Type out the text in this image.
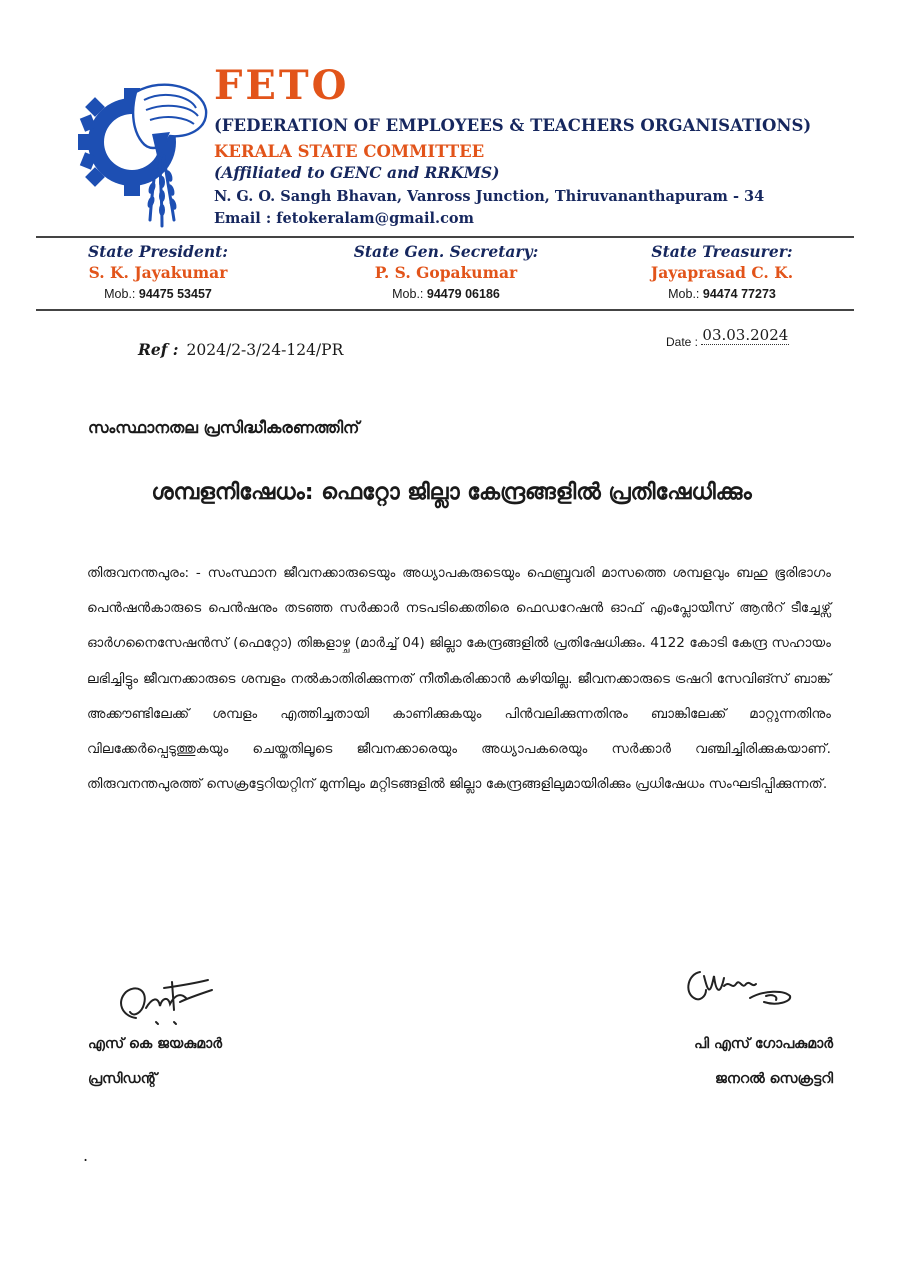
FETO
(FEDERATION OF EMPLOYEES & TEACHERS ORGANISATIONS)
KERALA STATE COMMITTEE
(Affiliated to GENC and RRKMS)
N. G. O. Sangh Bhavan, Vanross Junction, Thiruvananthapuram - 34
Email : fetokeralam@gmail.com
State President:
S. K. Jayakumar
Mob.: 94475 53457
State Gen. Secretary:
P. S. Gopakumar
Mob.: 94479 06186
State Treasurer:
Jayaprasad C. K.
Mob.: 94474 77273
Ref : 2024/2-3/24-124/PR	Date : 03.03.2024
സംസ്ഥാനതല പ്രസിദ്ധീകരണത്തിന്
ശമ്പളനിഷേധം: ഫെറ്റോ ജില്ലാ കേന്ദ്രങ്ങളിൽ പ്രതിഷേധിക്കും
തിരുവനന്തപുരം: - സംസ്ഥാന ജീവനക്കാരുടെയും അധ്യാപകരുടെയും ഫെബ്രുവരി മാസത്തെ ശമ്പളവും ബഹു ഭൂരിഭാഗം പെൻഷൻകാരുടെ പെൻഷനും തടഞ്ഞ സർക്കാർ നടപടിക്കെതിരെ ഫെഡറേഷൻ ഓഫ് എംപ്ലോയീസ് ആൻറ് ടീച്ചേഴ്സ് ഓർഗനൈസേഷൻസ് (ഫെറ്റോ) തിങ്കളാഴ്ച (മാർച്ച് 04) ജില്ലാ കേന്ദ്രങ്ങളിൽ പ്രതിഷേധിക്കും. 4122 കോടി കേന്ദ്ര സഹായം ലഭിച്ചിട്ടും ജീവനക്കാരുടെ ശമ്പളം നൽകാതിരിക്കുന്നത് നീതീകരിക്കാൻ കഴിയില്ല. ജീവനക്കാരുടെ ട്രഷറി സേവിങ്സ് ബാങ്ക് അക്കൗണ്ടിലേക്ക് ശമ്പളം എത്തിച്ചതായി കാണിക്കുകയും പിൻവലിക്കുന്നതിനും ബാങ്കിലേക്ക് മാറ്റുന്നതിനും വിലക്കേർപ്പെടുത്തുകയും ചെയ്തതിലൂടെ ജീവനക്കാരെയും അധ്യാപകരെയും സർക്കാർ വഞ്ചിച്ചിരിക്കുകയാണ്. തിരുവനന്തപുരത്ത് സെക്രട്ടേറിയറ്റിന് മുന്നിലും മറ്റിടങ്ങളിൽ ജില്ലാ കേന്ദ്രങ്ങളിലുമായിരിക്കും പ്രധിഷേധം സംഘടിപ്പിക്കുന്നത്.
എസ് കെ ജയകുമാർ
പ്രസിഡന്റ്
പി എസ് ഗോപകുമാർ
ജനറൽ സെക്രട്ടറി
.
